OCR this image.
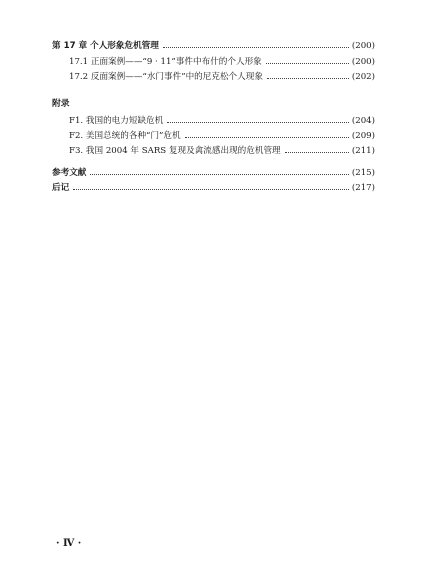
第 17 章 个人形象危机管理	(200)
17.1 正面案例——“9 · 11”事件中布什的个人形象	(200)
17.2 反面案例——“水门事件”中的尼克松个人现象	(202)
附录
F1. 我国的电力短缺危机	(204)
F2. 美国总统的各种“门”危机	(209)
F3. 我国 2004 年 SARS 复现及禽流感出现的危机管理	(211)
参考文献	(215)
后记	(217)
· Ⅳ ·
